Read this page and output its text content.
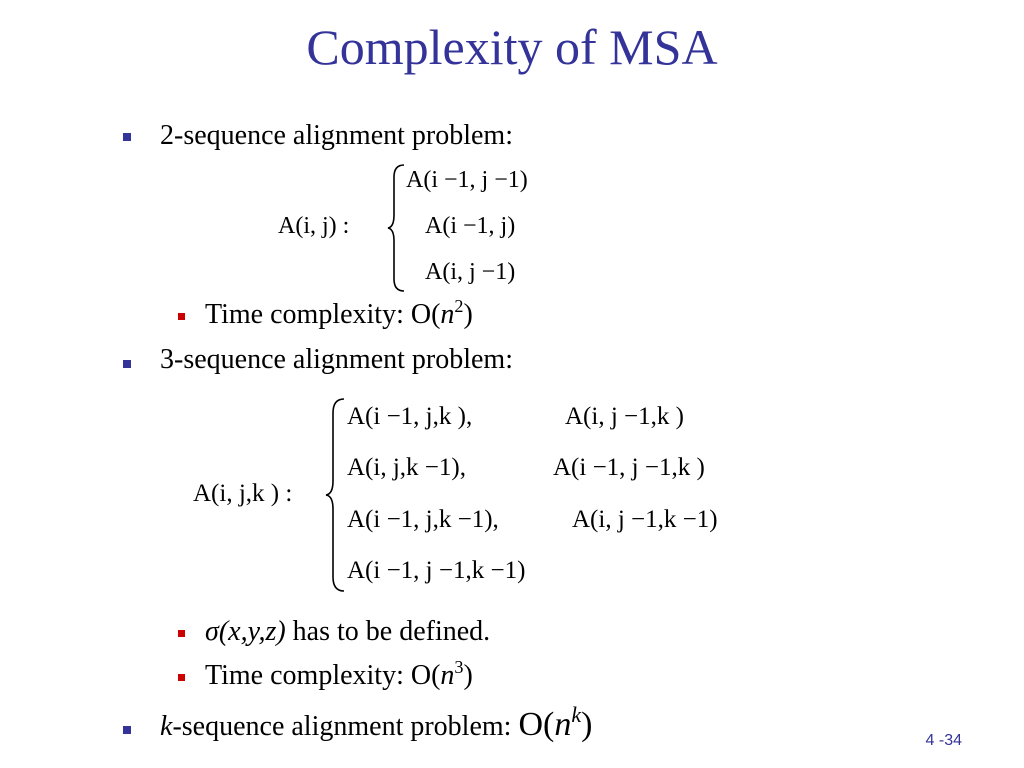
Complexity of MSA
2-sequence alignment problem:
A(i, j) :
A(i −1, j −1)
A(i −1, j)
A(i, j −1)
Time complexity: $O(n^2)$
3-sequence alignment problem:
A(i, j,k ) :
A(i −1, j,k ),	A(i, j −1,k )
A(i, j,k −1),	A(i −1, j −1,k )
A(i −1, j,k −1),	A(i, j −1,k −1)
A(i −1, j −1,k −1)
σ(x,y,z) has to be defined.
Time complexity: $O(n^3)$
k-sequence alignment problem: $O(n^k)$	4 -34
